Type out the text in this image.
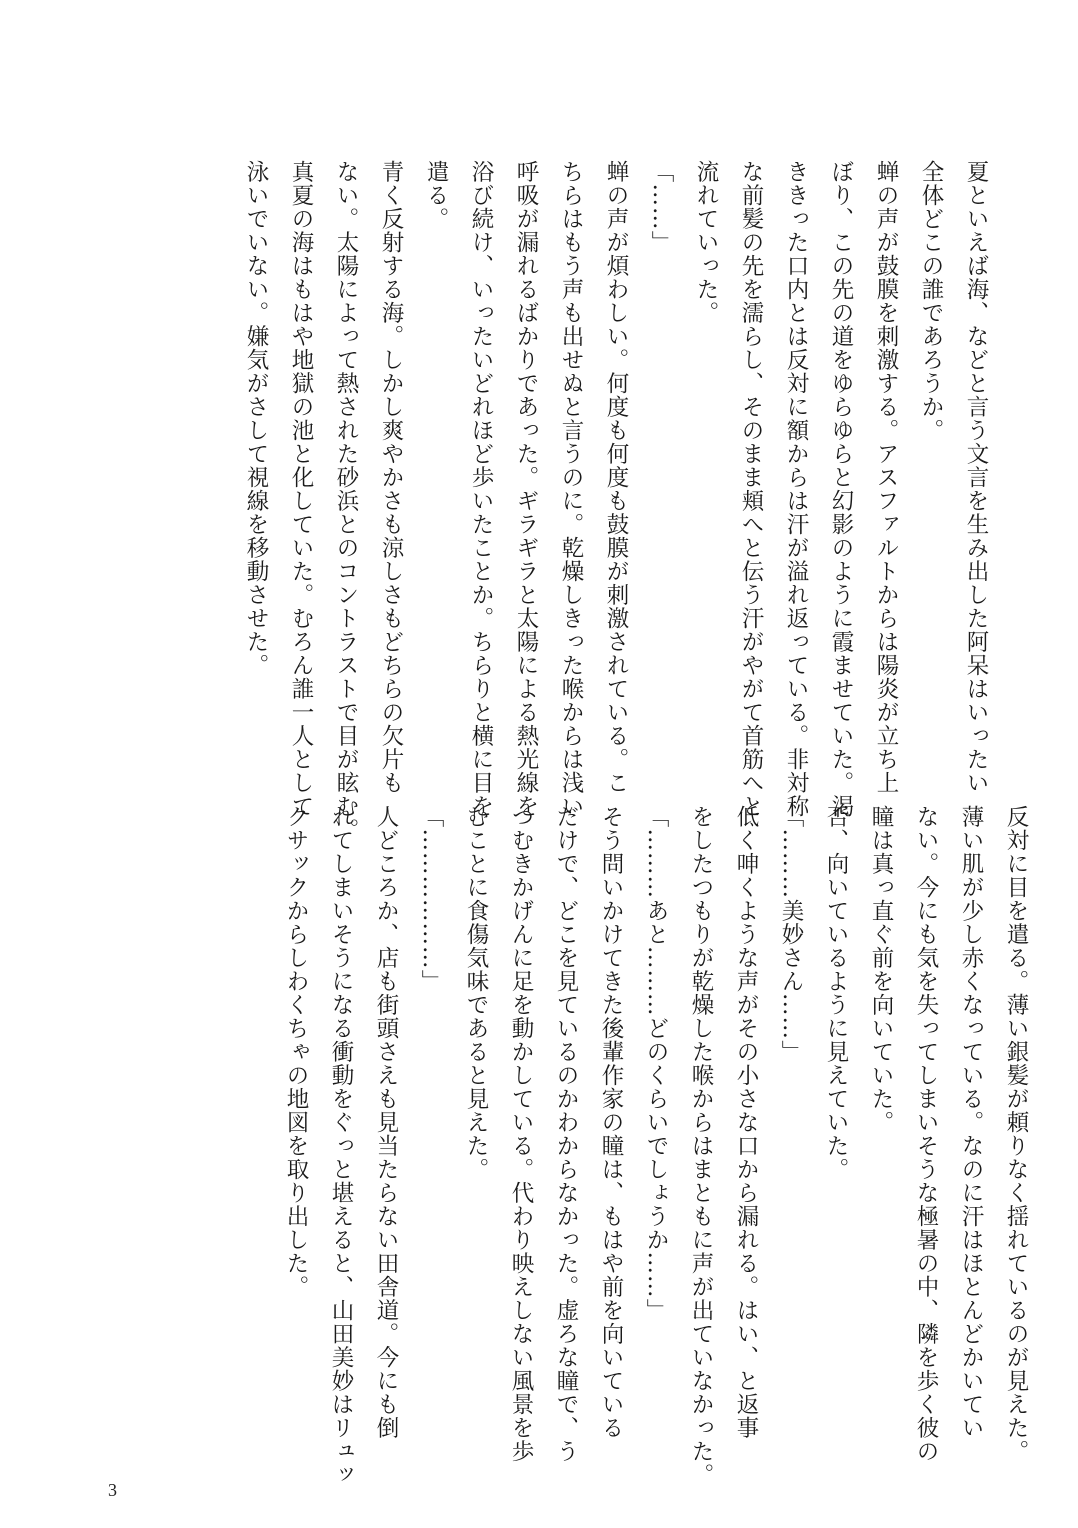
夏といえば海、などと言う文言を生み出した阿呆はいったい
全体どこの誰であろうか。
蝉の声が鼓膜を刺激する。アスファルトからは陽炎が立ち上
ぼり、この先の道をゆらゆらと幻影のように霞ませていた。渇
ききった口内とは反対に額からは汗が溢れ返っている。非対称
な前髪の先を濡らし、そのまま頬へと伝う汗がやがて首筋へと
流れていった。
「……」
蝉の声が煩わしい。何度も何度も鼓膜が刺激されている。こ
ちらはもう声も出せぬと言うのに。乾燥しきった喉からは浅い
呼吸が漏れるばかりであった。ギラギラと太陽による熱光線を
浴び続け、いったいどれほど歩いたことか。ちらりと横に目を
遣る。
青く反射する海。しかし爽やかさも涼しさもどちらの欠片も
ない。太陽によって熱された砂浜とのコントラストで目が眩む。
真夏の海はもはや地獄の池と化していた。むろん誰一人として
泳いでいない。嫌気がさして視線を移動させた。
反対に目を遣る。薄い銀髪が頼りなく揺れているのが見えた。
薄い肌が少し赤くなっている。なのに汗はほとんどかいてい
ない。今にも気を失ってしまいそうな極暑の中、隣を歩く彼の
瞳は真っ直ぐ前を向いていた。
否、向いているように見えていた。
「………美妙さん……」
低く呻くような声がその小さな口から漏れる。はい、と返事
をしたつもりが乾燥した喉からはまともに声が出ていなかった。
「………あと………どのくらいでしょうか……」
そう問いかけてきた後輩作家の瞳は、もはや前を向いている
だけで、どこを見ているのかわからなかった。虚ろな瞳で、う
つむきかげんに足を動かしている。代わり映えしない風景を歩
むことに食傷気味であると見えた。
「………………」
人どころか、店も街頭さえも見当たらない田舎道。今にも倒
れてしまいそうになる衝動をぐっと堪えると、山田美妙はリュッ
クサックからしわくちゃの地図を取り出した。
3
